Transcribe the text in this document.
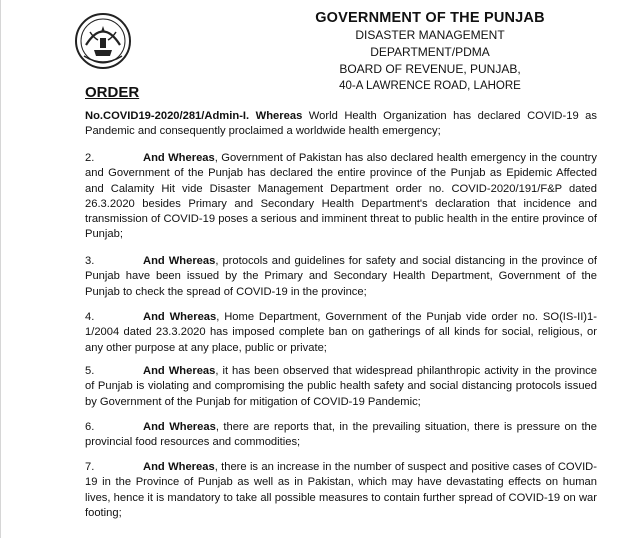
GOVERNMENT OF THE PUNJAB
DISASTER MANAGEMENT DEPARTMENT/PDMA
BOARD OF REVENUE, PUNJAB,
40-A LAWRENCE ROAD, LAHORE
ORDER
No.COVID19-2020/281/Admin-I. Whereas World Health Organization has declared COVID-19 as Pandemic and consequently proclaimed a worldwide health emergency;
2.	And Whereas, Government of Pakistan has also declared health emergency in the country and Government of the Punjab has declared the entire province of the Punjab as Epidemic Affected and Calamity Hit vide Disaster Management Department order no. COVID-2020/191/F&P dated 26.3.2020 besides Primary and Secondary Health Department's declaration that incidence and transmission of COVID-19 poses a serious and imminent threat to public health in the entire province of Punjab;
3.	And Whereas, protocols and guidelines for safety and social distancing in the province of Punjab have been issued by the Primary and Secondary Health Department, Government of the Punjab to check the spread of COVID-19 in the province;
4.	And Whereas, Home Department, Government of the Punjab vide order no. SO(IS-II)1-1/2004 dated 23.3.2020 has imposed complete ban on gatherings of all kinds for social, religious, or any other purpose at any place, public or private;
5.	And Whereas, it has been observed that widespread philanthropic activity in the province of Punjab is violating and compromising the public health safety and social distancing protocols issued by Government of the Punjab for mitigation of COVID-19 Pandemic;
6.	And Whereas, there are reports that, in the prevailing situation, there is pressure on the provincial food resources and commodities;
7.	And Whereas, there is an increase in the number of suspect and positive cases of COVID-19 in the Province of Punjab as well as in Pakistan, which may have devastating effects on human lives, hence it is mandatory to take all possible measures to contain further spread of COVID-19 on war footing;
